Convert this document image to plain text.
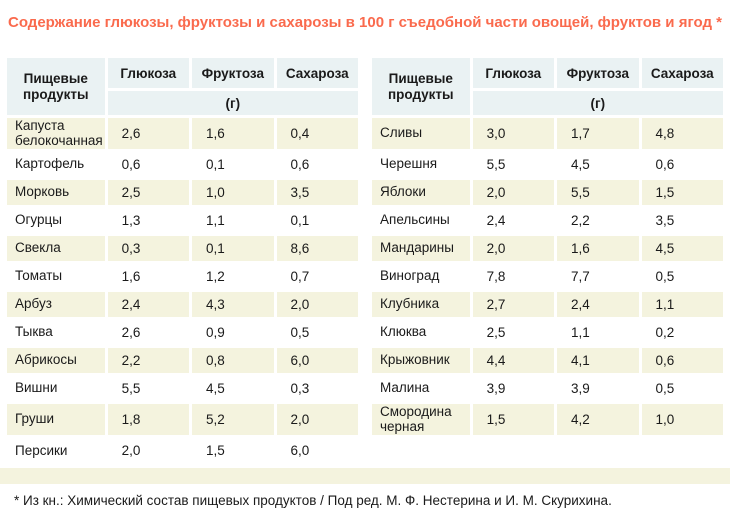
Содержание глюкозы, фруктозы и сахарозы в 100 г съедобной части овощей, фруктов и ягод *
Пищевые продукты	Глюкоза	Фруктоза	Сахароза		Пищевые продукты	Глюкоза	Фруктоза	Сахароза
	(г)					(г)		
Капуста белокочанная	2,6	1,6	0,4		Сливы	3,0	1,7	4,8
Картофель	0,6	0,1	0,6		Черешня	5,5	4,5	0,6
Морковь	2,5	1,0	3,5		Яблоки	2,0	5,5	1,5
Огурцы	1,3	1,1	0,1		Апельсины	2,4	2,2	3,5
Свекла	0,3	0,1	8,6		Мандарины	2,0	1,6	4,5
Томаты	1,6	1,2	0,7		Виноград	7,8	7,7	0,5
Арбуз	2,4	4,3	2,0		Клубника	2,7	2,4	1,1
Тыква	2,6	0,9	0,5		Клюква	2,5	1,1	0,2
Абрикосы	2,2	0,8	6,0		Крыжовник	4,4	4,1	0,6
Вишни	5,5	4,5	0,3		Малина	3,9	3,9	0,5
Груши	1,8	5,2	2,0		Смородина черная	1,5	4,2	1,0
Персики	2,0	1,5	6,0					
* Из кн.: Химический состав пищевых продуктов / Под ред. М. Ф. Нестерина и И. М. Скурихина.
